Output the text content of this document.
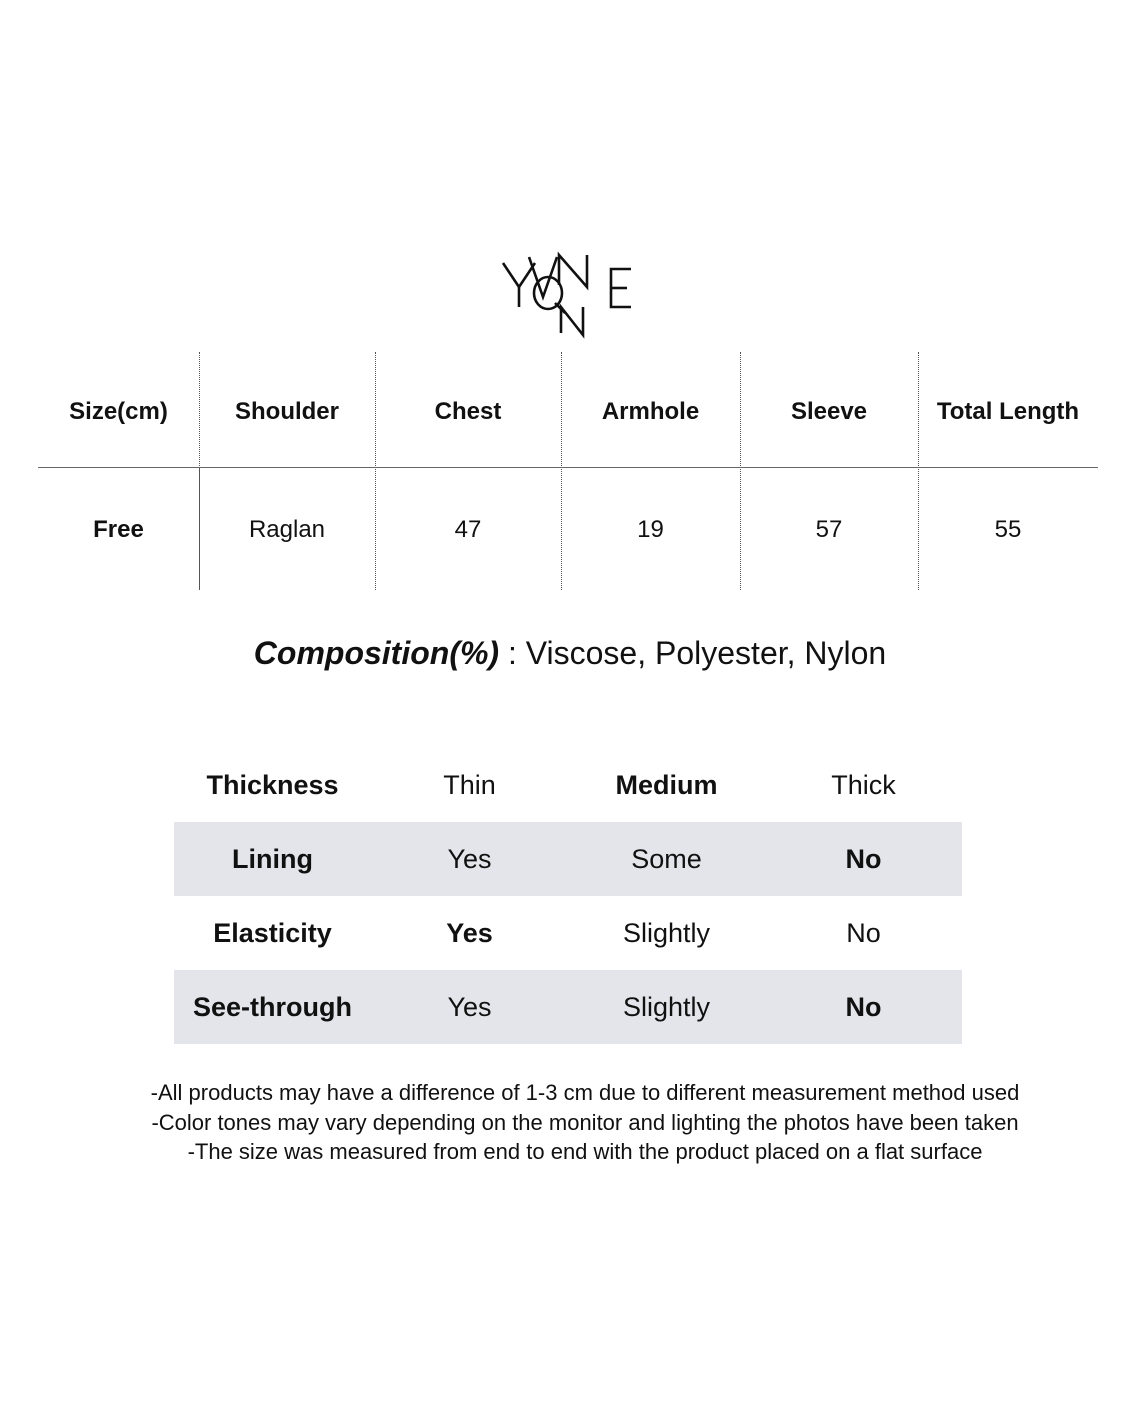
Size(cm)	Shoulder	Chest	Armhole	Sleeve	Total Length
Free	Raglan	47	19	57	55
Composition(%) : Viscose, Polyester, Nylon
Thickness	Thin	Medium	Thick
Lining	Yes	Some	No
Elasticity	Yes	Slightly	No
See-through	Yes	Slightly	No
-All products may have a difference of 1-3 cm due to different measurement method used
-Color tones may vary depending on the monitor and lighting the photos have been taken
-The size was measured from end to end with the product placed on a flat surface
